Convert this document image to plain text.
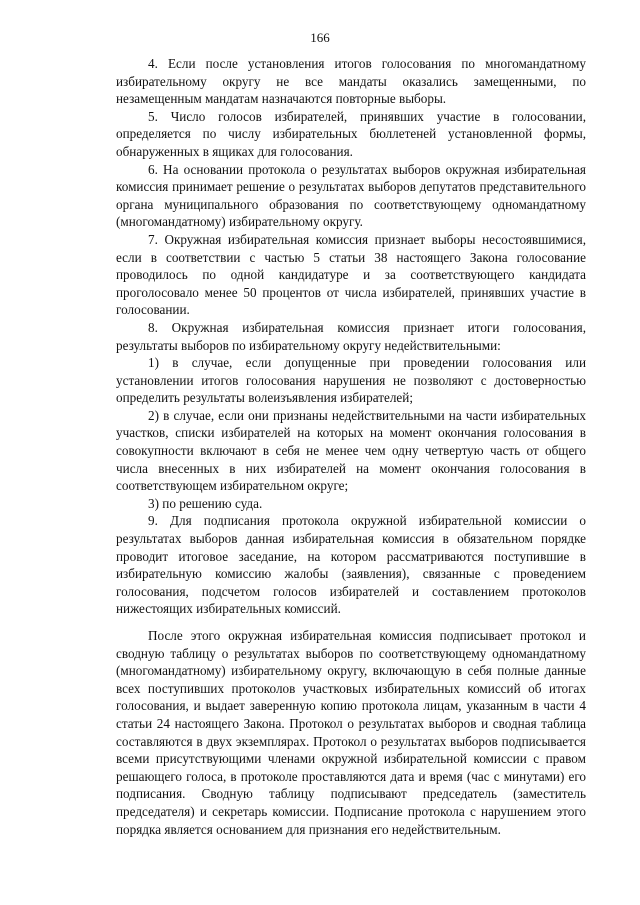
166

4. Если после установления итогов голосования по многомандатному избирательному округу не все мандаты оказались замещенными, по незамещенным мандатам назначаются повторные выборы.

5. Число голосов избирателей, принявших участие в голосовании, определяется по числу избирательных бюллетеней установленной формы, обнаруженных в ящиках для голосования.

6. На основании протокола о результатах выборов окружная избирательная комиссия принимает решение о результатах выборов депутатов представительного органа муниципального образования по соответствующему одномандатному (многомандатному) избирательному округу.

7. Окружная избирательная комиссия признает выборы несостоявшимися, если в соответствии с частью 5 статьи 38 настоящего Закона голосование проводилось по одной кандидатуре и за соответствующего кандидата проголосовало менее 50 процентов от числа избирателей, принявших участие в голосовании.

8. Окружная избирательная комиссия признает итоги голосования, результаты выборов по избирательному округу недействительными:

1) в случае, если допущенные при проведении голосования или установлении итогов голосования нарушения не позволяют с достоверностью определить результаты волеизъявления избирателей;

2) в случае, если они признаны недействительными на части избирательных участков, списки избирателей на которых на момент окончания голосования в совокупности включают в себя не менее чем одну четвертую часть от общего числа внесенных в них избирателей на момент окончания голосования в соответствующем избирательном округе;

3) по решению суда.

9. Для подписания протокола окружной избирательной комиссии о результатах выборов данная избирательная комиссия в обязательном порядке проводит итоговое заседание, на котором рассматриваются поступившие в избирательную комиссию жалобы (заявления), связанные с проведением голосования, подсчетом голосов избирателей и составлением протоколов нижестоящих избирательных комиссий.

После этого окружная избирательная комиссия подписывает протокол и сводную таблицу о результатах выборов по соответствующему одномандатному (многомандатному) избирательному округу, включающую в себя полные данные всех поступивших протоколов участковых избирательных комиссий об итогах голосования, и выдает заверенную копию протокола лицам, указанным в части 4 статьи 24 настоящего Закона. Протокол о результатах выборов и сводная таблица составляются в двух экземплярах. Протокол о результатах выборов подписывается всеми присутствующими членами окружной избирательной комиссии с правом решающего голоса, в протоколе проставляются дата и время (час с минутами) его подписания. Сводную таблицу подписывают председатель (заместитель председателя) и секретарь комиссии. Подписание протокола с нарушением этого порядка является основанием для признания его недействительным.
